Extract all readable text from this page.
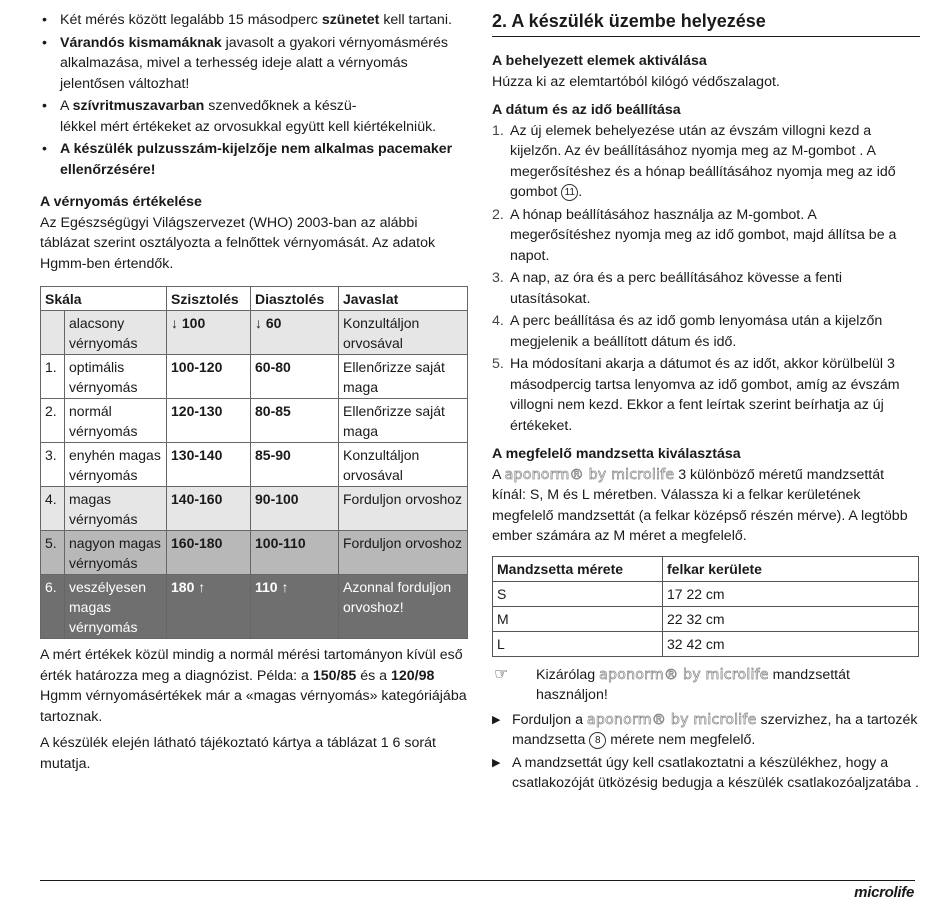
• Két mérés között legalább 15 másodperc szünetet kell tartani.
• Várandós kismamáknak javasolt a gyakori vérnyomásmérés alkalmazása, mivel a terhesség ideje alatt a vérnyomás jelentősen változhat!
• A szívritmuszavarban szenvedőknek a készü-
lékkel mért értékeket az orvosukkal együtt kell kiértékelniük.
• A készülék pulzusszám-kijelzője nem alkalmas pacemaker ellenőrzésére!
A vérnyomás értékelése

Az Egészségügyi Világszervezet (WHO) 2003-ban az alábbi táblázat szerint osztályozta a felnőttek vérnyomását. Az adatok Hgmm-ben értendők.

Skála		Szisztolés	Diasztolés	Javaslat
	alacsony vérnyomás	↓ 100	↓ 60	Konzultáljon orvosával
1.	optimális vérnyomás	100-120	60-80	Ellenőrizze saját maga
2.	normál vérnyomás	120-130	80-85	Ellenőrizze saját maga
3.	enyhén magas vérnyomás	130-140	85-90	Konzultáljon orvosával
4.	magas vérnyomás	140-160	90-100	Forduljon orvoshoz
5.	nagyon magas vérnyomás	160-180	100-110	Forduljon orvoshoz
6.	veszélyesen magas vérnyomás	180 ↑	110 ↑	Azonnal forduljon orvoshoz!

A mért értékek közül mindig a normál mérési tartományon kívül eső érték határozza meg a diagnózist. Példa: a 150/85 és a 120/98 Hgmm vérnyomásértékek már a «magas vérnyomás» kategóriájába tartoznak.

A készülék elején látható tájékoztató kártya a táblázat 1 6 sorát mutatja.

2. A készülék üzembe helyezése
A behelyezett elemek aktiválása

Húzza ki az elemtartóból kilógó védőszalagot.

A dátum és az idő beállítása
1. Az új elemek behelyezése után az évszám villogni kezd a kijelzőn. Az év beállításához nyomja meg az M-gombot . A megerősítéshez és a hónap beállításához nyomja meg az idő gombot 11 .
2. A hónap beállításához használja az M-gombot. A megerősítéshez nyomja meg az idő gombot, majd állítsa be a napot.
3. A nap, az óra és a perc beállításához kövesse a fenti utasításokat.
4. A perc beállítása és az idő gomb lenyomása után a kijelzőn megjelenik a beállított dátum és idő.
5. Ha módosítani akarja a dátumot és az időt, akkor körülbelül 3 másodpercig tartsa lenyomva az idő gombot, amíg az évszám villogni nem kezd. Ekkor a fent leírtak szerint beírhatja az új értékeket.
A megfelelő mandzsetta kiválasztása

A aponorm® by microlife 3 különböző méretű mandzsettát kínál: S, M és L méretben. Válassza ki a felkar kerületének megfelelő mandzsettát (a felkar középső részén mérve). A legtöbb ember számára az M méret a megfelelő.

Mandzsetta mérete	felkar kerülete
S	17 22 cm
M	22 32 cm
L	32 42 cm
☞ Kizárólag aponorm® by microlife mandzsettát használjon!
▶ Forduljon a aponorm® by microlife szervizhez, ha a tartozék mandzsetta 8 mérete nem megfelelő.
▶ A mandzsettát úgy kell csatlakoztatni a készülékhez, hogy a csatlakozóját ütközésig bedugja a készülék csatlakozóaljzatába .
microlife
